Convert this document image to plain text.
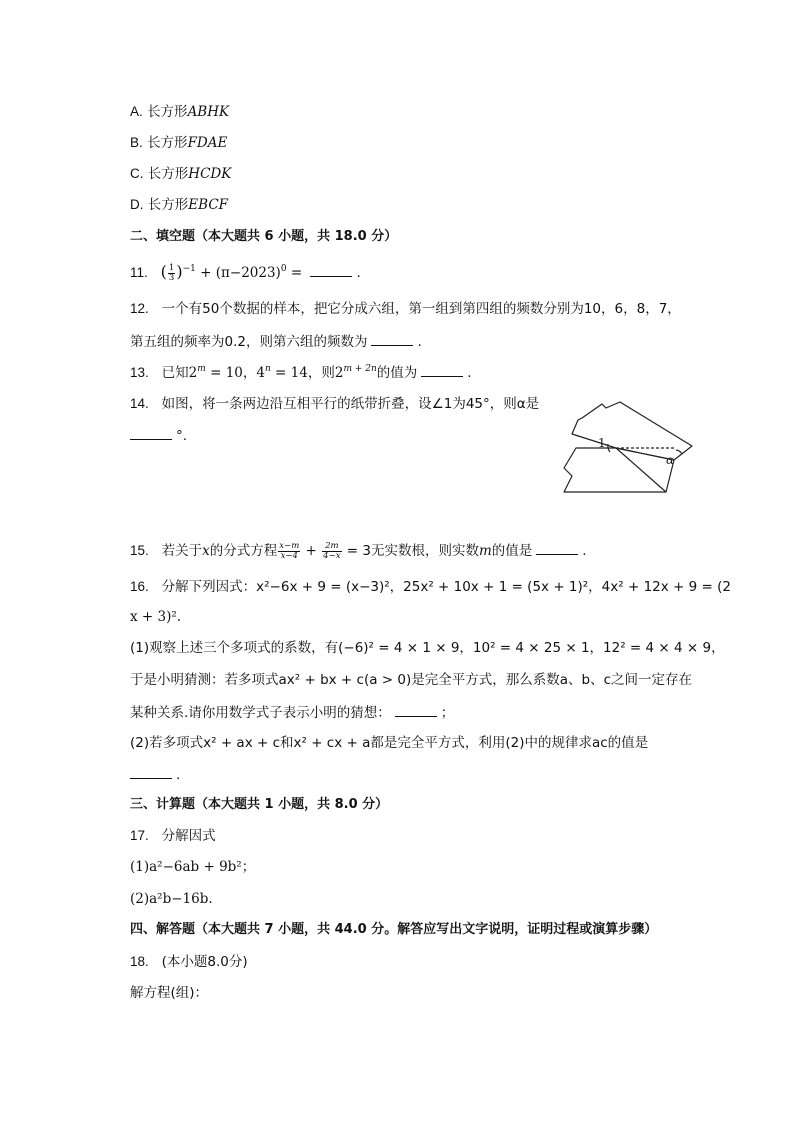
A. 长方形ABHK
B. 长方形FDAE
C. 长方形HCDK
D. 长方形EBCF
二、填空题（本大题共 6 小题，共 18.0 分）
11. ( $\frac{1}{3} )^{-1} + (\pi-2023)^0$ =	.
12. 一个有50个数据的样本，把它分成六组，第一组到第四组的频数分别为10，6，8，7，
第五组的频率为0.2，则第六组的频数为	.
13. 已知$2^m = 10$，$4^n = 14$，则$2^{m + 2n}$的值为	.
14. 如图，将一条两边沿互相平行的纸带折叠，设∠1为45°，则α是
°.	1
α
15. 若关于x的分式方程 $\frac{x-m}{x-4} + \frac{2m}{4-x} = 3$无实数根，则实数m的值是	.
16. 分解下列因式：x²−6x + 9 = (x−3)²，25x² + 10x + 1 = (5x + 1)²，4x² + 12x + 9 = (2
x + 3)².
(1)观察上述三个多项式的系数，有(−6)² = 4 × 1 × 9，10² = 4 × 25 × 1，12² = 4 × 4 × 9，
于是小明猜测：若多项式ax² + bx + c(a > 0)是完全平方式，那么系数a、b、c之间一定存在
某种关系.请你用数学式子表示小明的猜想：	；
(2)若多项式x² + ax + c和x² + cx + a都是完全平方式，利用(2)中的规律求ac的值是
.
三、计算题（本大题共 1 小题，共 8.0 分）
17. 分解因式
(1)a²−6ab + 9b²；
(2)a²b−16b.
四、解答题（本大题共 7 小题，共 44.0 分。解答应写出文字说明，证明过程或演算步骤）
18. (本小题8.0分)
解方程(组)：
